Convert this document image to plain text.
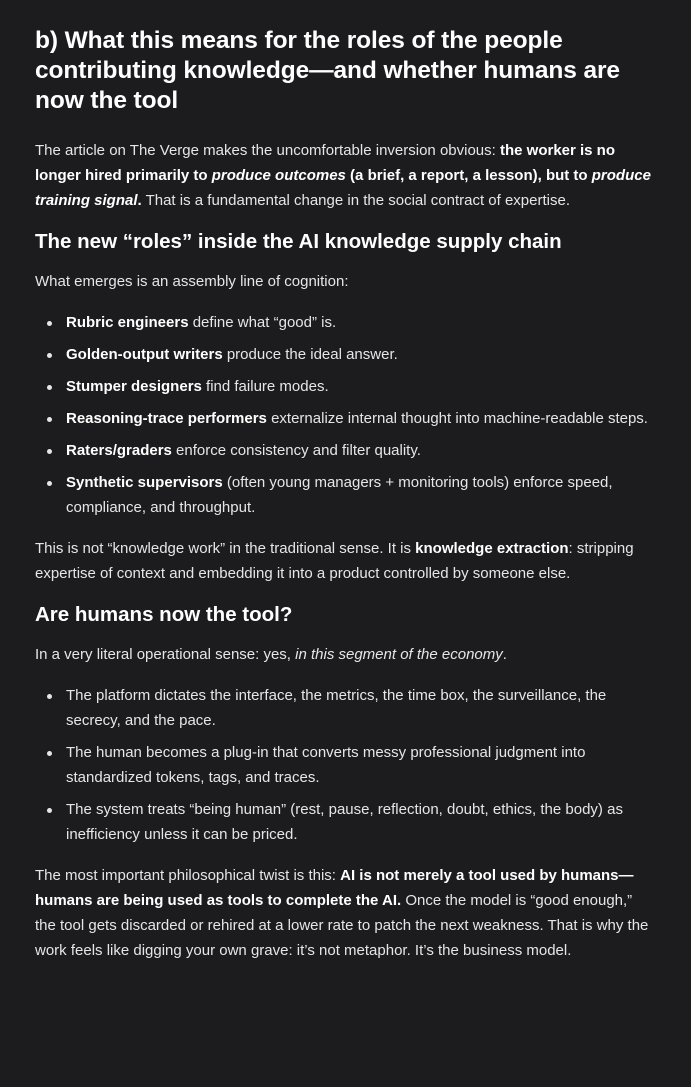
b) What this means for the roles of the people contributing knowledge—and whether humans are now the tool

The article on The Verge makes the uncomfortable inversion obvious: the worker is no longer hired primarily to produce outcomes (a brief, a report, a lesson), but to produce training signal. That is a fundamental change in the social contract of expertise.

The new “roles” inside the AI knowledge supply chain

What emerges is an assembly line of cognition:

Rubric engineers define what “good” is.
Golden-output writers produce the ideal answer.
Stumper designers find failure modes.
Reasoning-trace performers externalize internal thought into machine-readable steps.
Raters/graders enforce consistency and filter quality.
Synthetic supervisors (often young managers + monitoring tools) enforce speed, compliance, and throughput.

This is not “knowledge work” in the traditional sense. It is knowledge extraction: stripping expertise of context and embedding it into a product controlled by someone else.

Are humans now the tool?

In a very literal operational sense: yes, in this segment of the economy.

The platform dictates the interface, the metrics, the time box, the surveillance, the secrecy, and the pace.
The human becomes a plug-in that converts messy professional judgment into standardized tokens, tags, and traces.
The system treats “being human” (rest, pause, reflection, doubt, ethics, the body) as inefficiency unless it can be priced.

The most important philosophical twist is this: AI is not merely a tool used by humans—humans are being used as tools to complete the AI. Once the model is “good enough,” the tool gets discarded or rehired at a lower rate to patch the next weakness. That is why the work feels like digging your own grave: it’s not metaphor. It’s the business model.
